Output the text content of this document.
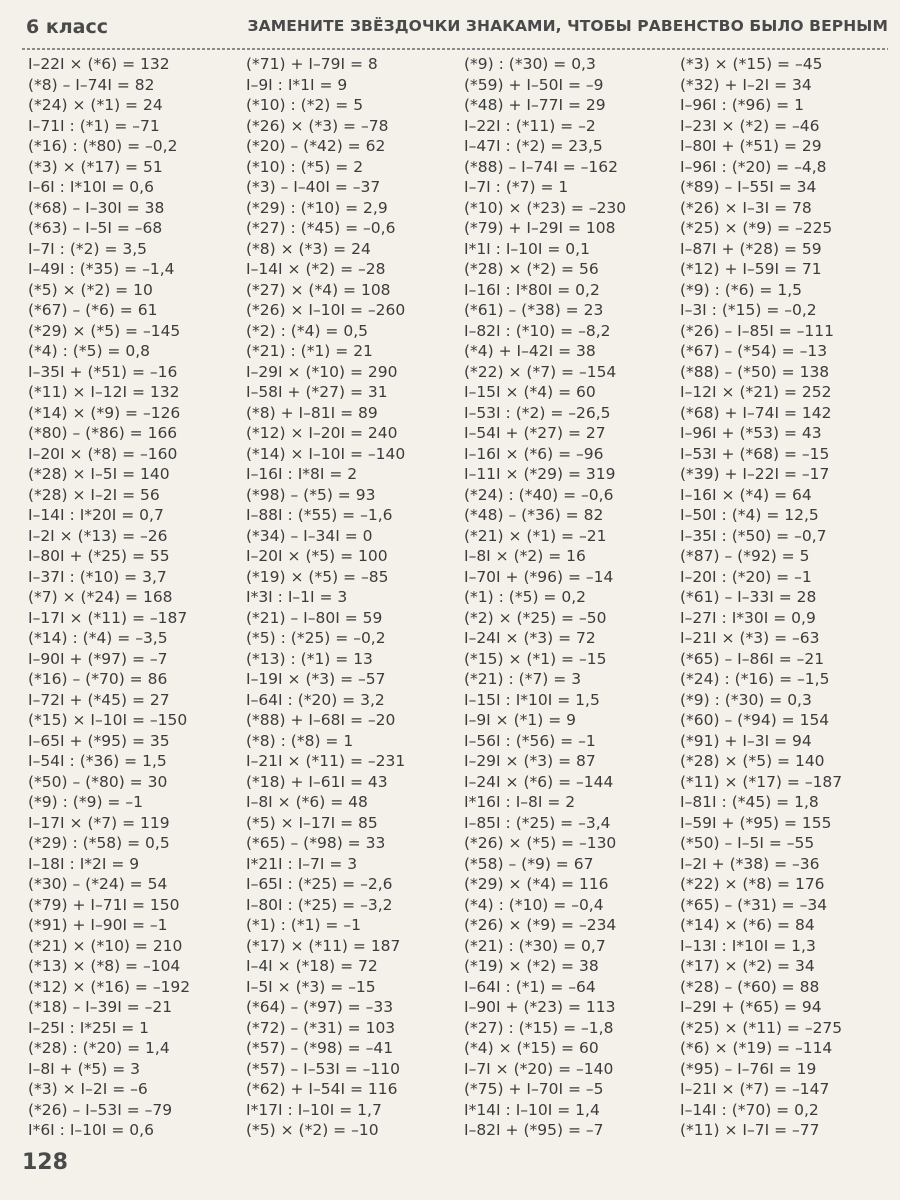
6 класс	ЗАМЕНИТЕ ЗВЁЗДОЧКИ ЗНАКАМИ, ЧТОБЫ РАВЕНСТВО БЫЛО ВЕРНЫМ
I–22I × (*6) = 132
(*8) – I–74I = 82
(*24) × (*1) = 24
I–71I : (*1) = –71
(*16) : (*80) = –0,2
(*3) × (*17) = 51
I–6I : I*10I = 0,6
(*68) – I–30I = 38
(*63) – I–5I = –68
I–7I : (*2) = 3,5
I–49I : (*35) = –1,4
(*5) × (*2) = 10
(*67) – (*6) = 61
(*29) × (*5) = –145
(*4) : (*5) = 0,8
I–35I + (*51) = –16
(*11) × I–12I = 132
(*14) × (*9) = –126
(*80) – (*86) = 166
I–20I × (*8) = –160
(*28) × I–5I = 140
(*28) × I–2I = 56
I–14I : I*20I = 0,7
I–2I × (*13) = –26
I–80I + (*25) = 55
I–37I : (*10) = 3,7
(*7) × (*24) = 168
I–17I × (*11) = –187
(*14) : (*4) = –3,5
I–90I + (*97) = –7
(*16) – (*70) = 86
I–72I + (*45) = 27
(*15) × I–10I = –150
I–65I + (*95) = 35
I–54I : (*36) = 1,5
(*50) – (*80) = 30
(*9) : (*9) = –1
I–17I × (*7) = 119
(*29) : (*58) = 0,5
I–18I : I*2I = 9
(*30) – (*24) = 54
(*79) + I–71I = 150
(*91) + I–90I = –1
(*21) × (*10) = 210
(*13) × (*8) = –104
(*12) × (*16) = –192
(*18) – I–39I = –21
I–25I : I*25I = 1
(*28) : (*20) = 1,4
I–8I + (*5) = 3
(*3) × I–2I = –6
(*26) – I–53I = –79
I*6I : I–10I = 0,6
(*71) + I–79I = 8
I–9I : I*1I = 9
(*10) : (*2) = 5
(*26) × (*3) = –78
(*20) – (*42) = 62
(*10) : (*5) = 2
(*3) – I–40I = –37
(*29) : (*10) = 2,9
(*27) : (*45) = –0,6
(*8) × (*3) = 24
I–14I × (*2) = –28
(*27) × (*4) = 108
(*26) × I–10I = –260
(*2) : (*4) = 0,5
(*21) : (*1) = 21
I–29I × (*10) = 290
I–58I + (*27) = 31
(*8) + I–81I = 89
(*12) × I–20I = 240
(*14) × I–10I = –140
I–16I : I*8I = 2
(*98) – (*5) = 93
I–88I : (*55) = –1,6
(*34) – I–34I = 0
I–20I × (*5) = 100
(*19) × (*5) = –85
I*3I : I–1I = 3
(*21) – I–80I = 59
(*5) : (*25) = –0,2
(*13) : (*1) = 13
I–19I × (*3) = –57
I–64I : (*20) = 3,2
(*88) + I–68I = –20
(*8) : (*8) = 1
I–21I × (*11) = –231
(*18) + I–61I = 43
I–8I × (*6) = 48
(*5) × I–17I = 85
(*65) – (*98) = 33
I*21I : I–7I = 3
I–65I : (*25) = –2,6
I–80I : (*25) = –3,2
(*1) : (*1) = –1
(*17) × (*11) = 187
I–4I × (*18) = 72
I–5I × (*3) = –15
(*64) – (*97) = –33
(*72) – (*31) = 103
(*57) – (*98) = –41
(*57) – I–53I = –110
(*62) + I–54I = 116
I*17I : I–10I = 1,7
(*5) × (*2) = –10
(*9) : (*30) = 0,3
(*59) + I–50I = –9
(*48) + I–77I = 29
I–22I : (*11) = –2
I–47I : (*2) = 23,5
(*88) – I–74I = –162
I–7I : (*7) = 1
(*10) × (*23) = –230
(*79) + I–29I = 108
I*1I : I–10I = 0,1
(*28) × (*2) = 56
I–16I : I*80I = 0,2
(*61) – (*38) = 23
I–82I : (*10) = –8,2
(*4) + I–42I = 38
(*22) × (*7) = –154
I–15I × (*4) = 60
I–53I : (*2) = –26,5
I–54I + (*27) = 27
I–16I × (*6) = –96
I–11I × (*29) = 319
(*24) : (*40) = –0,6
(*48) – (*36) = 82
(*21) × (*1) = –21
I–8I × (*2) = 16
I–70I + (*96) = –14
(*1) : (*5) = 0,2
(*2) × (*25) = –50
I–24I × (*3) = 72
(*15) × (*1) = –15
(*21) : (*7) = 3
I–15I : I*10I = 1,5
I–9I × (*1) = 9
I–56I : (*56) = –1
I–29I × (*3) = 87
I–24I × (*6) = –144
I*16I : I–8I = 2
I–85I : (*25) = –3,4
(*26) × (*5) = –130
(*58) – (*9) = 67
(*29) × (*4) = 116
(*4) : (*10) = –0,4
(*26) × (*9) = –234
(*21) : (*30) = 0,7
(*19) × (*2) = 38
I–64I : (*1) = –64
I–90I + (*23) = 113
(*27) : (*15) = –1,8
(*4) × (*15) = 60
I–7I × (*20) = –140
(*75) + I–70I = –5
I*14I : I–10I = 1,4
I–82I + (*95) = –7
(*3) × (*15) = –45
(*32) + I–2I = 34
I–96I : (*96) = 1
I–23I × (*2) = –46
I–80I + (*51) = 29
I–96I : (*20) = –4,8
(*89) – I–55I = 34
(*26) × I–3I = 78
(*25) × (*9) = –225
I–87I + (*28) = 59
(*12) + I–59I = 71
(*9) : (*6) = 1,5
I–3I : (*15) = –0,2
(*26) – I–85I = –111
(*67) – (*54) = –13
(*88) – (*50) = 138
I–12I × (*21) = 252
(*68) + I–74I = 142
I–96I + (*53) = 43
I–53I + (*68) = –15
(*39) + I–22I = –17
I–16I × (*4) = 64
I–50I : (*4) = 12,5
I–35I : (*50) = –0,7
(*87) – (*92) = 5
I–20I : (*20) = –1
(*61) – I–33I = 28
I–27I : I*30I = 0,9
I–21I × (*3) = –63
(*65) – I–86I = –21
(*24) : (*16) = –1,5
(*9) : (*30) = 0,3
(*60) – (*94) = 154
(*91) + I–3I = 94
(*28) × (*5) = 140
(*11) × (*17) = –187
I–81I : (*45) = 1,8
I–59I + (*95) = 155
(*50) – I–5I = –55
I–2I + (*38) = –36
(*22) × (*8) = 176
(*65) – (*31) = –34
(*14) × (*6) = 84
I–13I : I*10I = 1,3
(*17) × (*2) = 34
(*28) – (*60) = 88
I–29I + (*65) = 94
(*25) × (*11) = –275
(*6) × (*19) = –114
(*95) – I–76I = 19
I–21I × (*7) = –147
I–14I : (*70) = 0,2
(*11) × I–7I = –77
128
